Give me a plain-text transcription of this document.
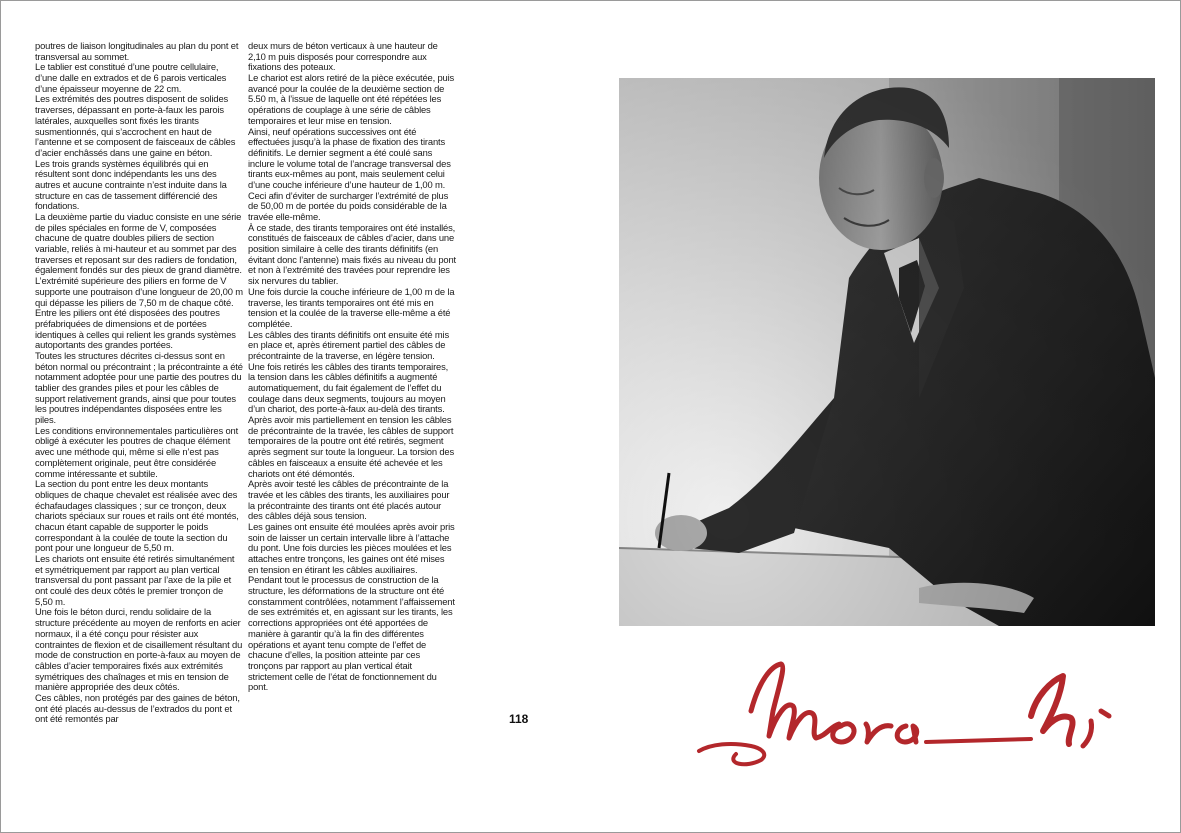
poutres de liaison longitudinales au plan du pont et transversal au sommet.

Le tablier est constitué d’une poutre cellulaire, d’une dalle en extrados et de 6 parois verticales d’une épaisseur moyenne de 22 cm.

Les extrémités des poutres disposent de solides traverses, dépassant en porte-à-faux les parois latérales, auxquelles sont fixés les tirants susmentionnés, qui s’accrochent en haut de l’antenne et se composent de faisceaux de câbles d’acier enchâssés dans une gaine en béton.

Les trois grands systèmes équilibrés qui en résultent sont donc indépendants les uns des autres et aucune contrainte n’est induite dans la structure en cas de tassement différencié des fondations.

La deuxième partie du viaduc consiste en une série de piles spéciales en forme de V, composées chacune de quatre doubles piliers de section variable, reliés à mi-hauteur et au sommet par des traverses et reposant sur des radiers de fondation, également fondés sur des pieux de grand diamètre.

L’extrémité supérieure des piliers en forme de V supporte une poutraison d’une longueur de 20,00 m qui dépasse les piliers de 7,50 m de chaque côté.

Entre les piliers ont été disposées des poutres préfabriquées de dimensions et de portées identiques à celles qui relient les grands systèmes autoportants des grandes portées.

Toutes les structures décrites ci-dessus sont en béton normal ou précontraint ; la précontrainte a été notamment adoptée pour une partie des poutres du tablier des grandes piles et pour les câbles de support relativement grands, ainsi que pour toutes les poutres indépendantes disposées entre les piles.

Les conditions environnementales particulières ont obligé à exécuter les poutres de chaque élément avec une méthode qui, même si elle n’est pas complètement originale, peut être considérée comme intéressante et subtile.

La section du pont entre les deux montants obliques de chaque chevalet est réalisée avec des échafaudages classiques ; sur ce tronçon, deux chariots spéciaux sur roues et rails ont été montés, chacun étant capable de supporter le poids correspondant à la coulée de toute la section du pont pour une longueur de 5,50 m.

Les chariots ont ensuite été retirés simultanément et symétriquement par rapport au plan vertical transversal du pont passant par l’axe de la pile et ont coulé des deux côtés le premier tronçon de 5,50 m.

Une fois le béton durci, rendu solidaire de la structure précédente au moyen de renforts en acier normaux, il a été conçu pour résister aux contraintes de flexion et de cisaillement résultant du mode de construction en porte-à-faux au moyen de câbles d’acier temporaires fixés aux extrémités symétriques des chaînages et mis en tension de manière appropriée des deux côtés.

Ces câbles, non protégés par des gaines de béton, ont été placés au-dessus de l’extrados du pont et ont été remontés par

deux murs de béton verticaux à une hauteur de 2,10 m puis disposés pour correspondre aux fixations des poteaux.

Le chariot est alors retiré de la pièce exécutée, puis avancé pour la coulée de la deuxième section de 5.50 m, à l’issue de laquelle ont été répétées les opérations de couplage à une série de câbles temporaires et leur mise en tension.

Ainsi, neuf opérations successives ont été effectuées jusqu’à la phase de fixation des tirants définitifs. Le dernier segment a été coulé sans inclure le volume total de l’ancrage transversal des tirants eux-mêmes au pont, mais seulement celui d’une couche inférieure d’une hauteur de 1,00 m. Ceci afin d’éviter de surcharger l’extrémité de plus de 50,00 m de portée du poids considérable de la travée elle-même.

À ce stade, des tirants temporaires ont été installés, constitués de faisceaux de câbles d’acier, dans une position similaire à celle des tirants définitifs (en évitant donc l’antenne) mais fixés au niveau du pont et non à l’extrémité des travées pour reprendre les six nervures du tablier.

Une fois durcie la couche inférieure de 1,00 m de la traverse, les tirants temporaires ont été mis en tension et la coulée de la traverse elle-même a été complétée.

Les câbles des tirants définitifs ont ensuite été mis en place et, après étirement partiel des câbles de précontrainte de la traverse, en légère tension.

Une fois retirés les câbles des tirants temporaires, la tension dans les câbles définitifs a augmenté automatiquement, du fait également de l’effet du coulage dans deux segments, toujours au moyen d’un chariot, des porte-à-faux au-delà des tirants.

Après avoir mis partiellement en tension les câbles de précontrainte de la travée, les câbles de support temporaires de la poutre ont été retirés, segment après segment sur toute la longueur. La torsion des câbles en faisceaux a ensuite été achevée et les chariots ont été démontés.

Après avoir testé les câbles de précontrainte de la travée et les câbles des tirants, les auxiliaires pour la précontrainte des tirants ont été placés autour des câbles déjà sous tension.

Les gaines ont ensuite été moulées après avoir pris soin de laisser un certain intervalle libre à l’attache du pont. Une fois durcies les pièces moulées et les attaches entre tronçons, les gaines ont été mises en tension en étirant les câbles auxiliaires.

Pendant tout le processus de construction de la structure, les déformations de la structure ont été constamment contrôlées, notamment l’affaissement de ses extrémités et, en agissant sur les tirants, les corrections appropriées ont été apportées de manière à garantir qu’à la fin des différentes opérations et ayant tenu compte de l’effet de chacune d’elles, la position atteinte par ces tronçons par rapport au plan vertical était strictement celle de l’état de fonctionnement du pont.

118
Morandi
